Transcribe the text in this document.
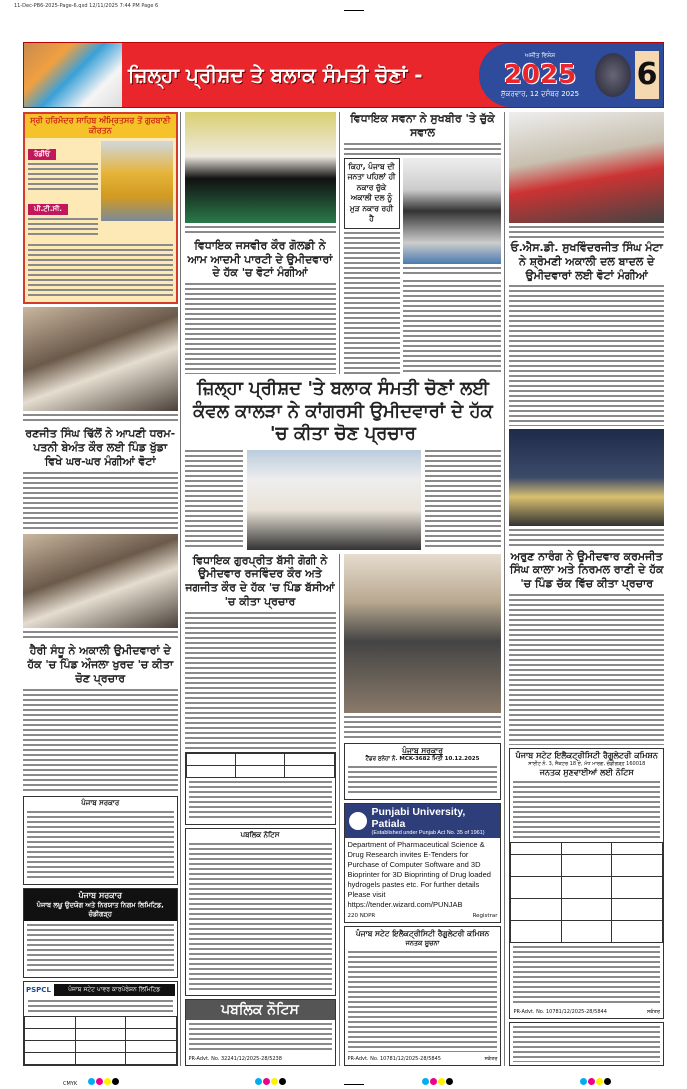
11-Dec-PB6-2025-Page-6.qxd 12/11/2025 7:44 PM Page 6
ਜ਼ਿਲ੍ਹਾ ਪ੍ਰੀਸ਼ਦ ਤੇ ਬਲਾਕ ਸੰਮਤੀ ਚੋਣਾਂ -
ਅਜੀਤ ਵਿਸ਼ੇਸ਼
2025
ਸ਼ੁੱਕਰਵਾਰ, 12 ਦਸੰਬਰ 2025
6
ਸ੍ਰੀ ਹਰਿਮੰਦਰ ਸਾਹਿਬ ਅੰਮ੍ਰਿਤਸਰ ਤੋਂ ਗੁਰਬਾਣੀ ਕੀਰਤਨ
ਰੇਡੀਓ
ਪੀ.ਟੀ.ਸੀ.
ਰਣਜੀਤ ਸਿੰਘ ਢਿੱਲੋਂ ਨੇ ਆਪਣੀ ਧਰਮ-ਪਤਨੀ ਬੇਅੰਤ ਕੌਰ ਲਈ ਪਿੰਡ ਖੁੱਡਾ ਵਿਖੇ ਘਰ-ਘਰ ਮੰਗੀਆਂ ਵੋਟਾਂ
ਹੈਰੀ ਸੰਧੂ ਨੇ ਅਕਾਲੀ ਉਮੀਦਵਾਰਾਂ ਦੇ ਹੱਕ 'ਚ ਪਿੰਡ ਔਜਲਾ ਖੁਰਦ 'ਚ ਕੀਤਾ ਚੋਣ ਪ੍ਰਚਾਰ
ਪੰਜਾਬ ਸਰਕਾਰ
ਪੰਜਾਬ ਸਰਕਾਰ
ਪੰਜਾਬ ਲਘੂ ਉਦਯੋਗ ਅਤੇ ਨਿਰਯਾਤ ਨਿਗਮ ਲਿਮਿਟਿਡ, ਚੰਡੀਗੜ੍ਹ
PSPCL	ਪੰਜਾਬ ਸਟੇਟ ਪਾਵਰ ਕਾਰਪੋਰੇਸ਼ਨ ਲਿਮਿਟਿਡ

ਵਿਧਾਇਕ ਜਸਵੀਰ ਕੌਰ ਗੋਲਡੀ ਨੇ ਆਮ ਆਦਮੀ ਪਾਰਟੀ ਦੇ ਉਮੀਦਵਾਰਾਂ ਦੇ ਹੱਕ 'ਚ ਵੋਟਾਂ ਮੰਗੀਆਂ
ਵਿਧਾਇਕ ਸਵਨਾ ਨੇ ਸੁਖਬੀਰ 'ਤੇ ਚੁੱਕੇ ਸਵਾਲ
ਕਿਹਾ, ਪੰਜਾਬ ਦੀ ਜਨਤਾ ਪਹਿਲਾਂ ਹੀ ਨਕਾਰ ਚੁੱਕੇ ਅਕਾਲੀ ਦਲ ਨੂੰ ਮੁੜ ਨਕਾਰ ਰਹੀ ਹੈ
ਜ਼ਿਲ੍ਹਾ ਪ੍ਰੀਸ਼ਦ 'ਤੇ ਬਲਾਕ ਸੰਮਤੀ ਚੋਣਾਂ ਲਈ ਕੰਵਲ ਕਾਲੜਾ ਨੇ ਕਾਂਗਰਸੀ ਉਮੀਦਵਾਰਾਂ ਦੇ ਹੱਕ 'ਚ ਕੀਤਾ ਚੋਣ ਪ੍ਰਚਾਰ
ਵਿਧਾਇਕ ਗੁਰਪ੍ਰੀਤ ਬੱਸੀ ਗੋਗੀ ਨੇ ਉਮੀਦਵਾਰ ਰਜਵਿੰਦਰ ਕੌਰ ਅਤੇ ਜਗਜੀਤ ਕੌਰ ਦੇ ਹੱਕ 'ਚ ਪਿੰਡ ਬੱਸੀਆਂ 'ਚ ਕੀਤਾ ਪ੍ਰਚਾਰ

ਪਬਲਿਕ ਨੋਟਿਸ
ਪਬਲਿਕ ਨੋਟਿਸ
PR-Advt. No. 32241/12/2025-28/5238
ਪੰਜਾਬ ਸਰਕਾਰ
ਟੈਂਡਰ ਸੁਨੇਹਾ ਨੰ. MCK-3682 ਮਿਤੀ 10.12.2025
Punjabi University, Patiala
(Established under Punjab Act No. 35 of 1961)
Department of Pharmaceutical Science & Drug Research invites E-Tenders for Purchase of Computer Software and 3D Bioprinter for 3D Bioprinting of Drug loaded hydrogels pastes etc. For further details Please visit https://tender.wizard.com/PUNJAB
220 NDPR	Registrar
ਪੰਜਾਬ ਸਟੇਟ ਇਲੈਕਟ੍ਰੀਸਿਟੀ ਰੈਗੂਲੇਟਰੀ ਕਮਿਸ਼ਨ
ਜਨਤਕ ਸੂਚਨਾ
PR-Advt. No. 10781/12/2025-28/5845	ਸਕੱਤਰ
ਓ.ਐਸ.ਡੀ. ਸੁਖਵਿੰਦਰਜੀਤ ਸਿੰਘ ਮੰਟਾ ਨੇ ਸ਼੍ਰੋਮਣੀ ਅਕਾਲੀ ਦਲ ਬਾਦਲ ਦੇ ਉਮੀਦਵਾਰਾਂ ਲਈ ਵੋਟਾਂ ਮੰਗੀਆਂ
ਅਰੁਣ ਨਾਰੰਗ ਨੇ ਉਮੀਦਵਾਰ ਕਰਮਜੀਤ ਸਿੰਘ ਕਾਲਾ ਅਤੇ ਨਿਰਮਲ ਰਾਣੀ ਦੇ ਹੱਕ 'ਚ ਪਿੰਡ ਚੱਕ ਵਿੱਚ ਕੀਤਾ ਪ੍ਰਚਾਰ
ਪੰਜਾਬ ਸਟੇਟ ਇਲੈਕਟ੍ਰੀਸਿਟੀ ਰੈਗੂਲੇਟਰੀ ਕਮਿਸ਼ਨ
ਸਾਈਟ ਨੰ. 3, ਸੈਕਟਰ 18 ਏ, ਮੱਧ ਮਾਰਗ, ਚੰਡੀਗੜ੍ਹ 160018
ਜਨਤਕ ਸੁਣਵਾਈਆਂ ਲਈ ਨੋਟਿਸ

PR-Advt. No. 10781/12/2025-28/5844	ਸਕੱਤਰ
CMYK
